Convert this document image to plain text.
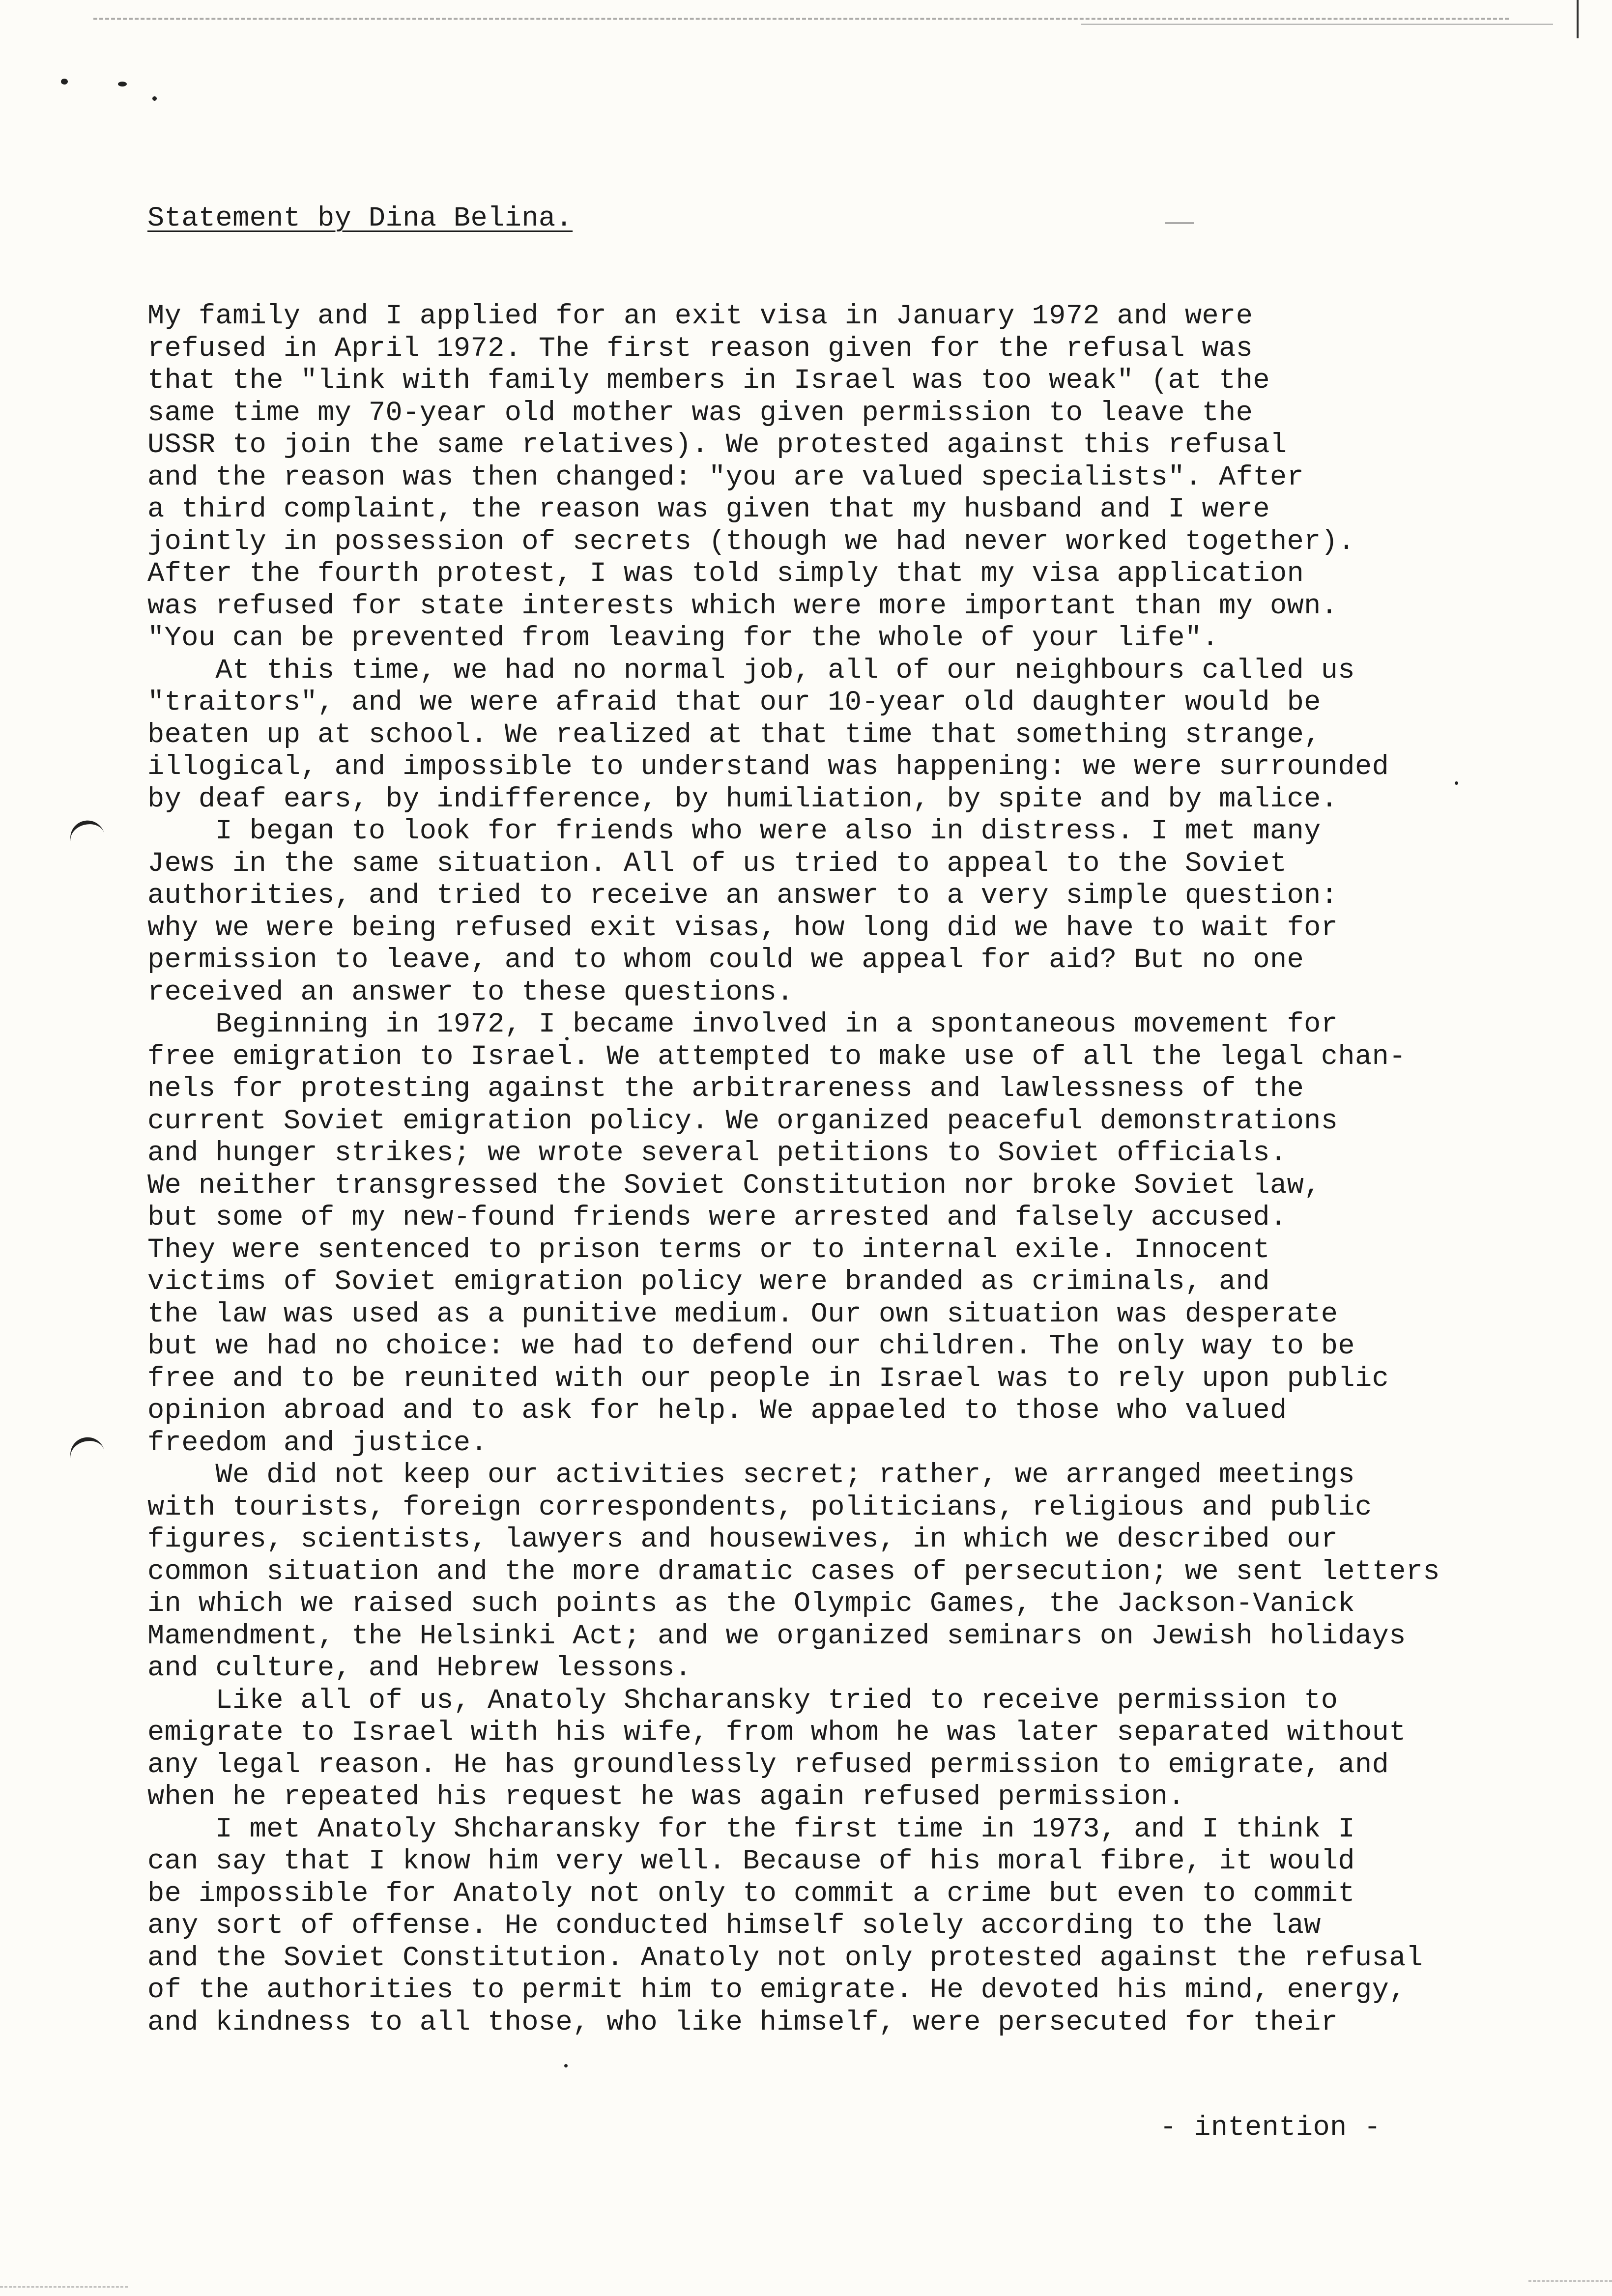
Statement by Dina Belina.
My family and I applied for an exit visa in January 1972 and were
refused in April 1972. The first reason given for the refusal was
that the "link with family members in Israel was too weak" (at the
same time my 70-year old mother was given permission to leave the
USSR to join the same relatives). We protested against this refusal
and the reason was then changed: "you are valued specialists". After
a third complaint, the reason was given that my husband and I were
jointly in possession of secrets (though we had never worked together).
After the fourth protest, I was told simply that my visa application
was refused for state interests which were more important than my own.
"You can be prevented from leaving for the whole of your life".
At this time, we had no normal job, all of our neighbours called us
"traitors", and we were afraid that our 10-year old daughter would be
beaten up at school. We realized at that time that something strange,
illogical, and impossible to understand was happening: we were surrounded
by deaf ears, by indifference, by humiliation, by spite and by malice.
I began to look for friends who were also in distress. I met many
Jews in the same situation. All of us tried to appeal to the Soviet
authorities, and tried to receive an answer to a very simple question:
why we were being refused exit visas, how long did we have to wait for
permission to leave, and to whom could we appeal for aid? But no one
received an answer to these questions.
Beginning in 1972, I became involved in a spontaneous movement for
free emigration to Israel. We attempted to make use of all the legal chan-
nels for protesting against the arbitrareness and lawlessness of the
current Soviet emigration policy. We organized peaceful demonstrations
and hunger strikes; we wrote several petitions to Soviet officials.
We neither transgressed the Soviet Constitution nor broke Soviet law,
but some of my new-found friends were arrested and falsely accused.
They were sentenced to prison terms or to internal exile. Innocent
victims of Soviet emigration policy were branded as criminals, and
the law was used as a punitive medium. Our own situation was desperate
but we had no choice: we had to defend our children. The only way to be
free and to be reunited with our people in Israel was to rely upon public
opinion abroad and to ask for help. We appaeled to those who valued
freedom and justice.
We did not keep our activities secret; rather, we arranged meetings
with tourists, foreign correspondents, politicians, religious and public
figures, scientists, lawyers and housewives, in which we described our
common situation and the more dramatic cases of persecution; we sent letters
in which we raised such points as the Olympic Games, the Jackson-Vanick
Mamendment, the Helsinki Act; and we organized seminars on Jewish holidays
and culture, and Hebrew lessons.
Like all of us, Anatoly Shcharansky tried to receive permission to
emigrate to Israel with his wife, from whom he was later separated without
any legal reason. He has groundlessly refused permission to emigrate, and
when he repeated his request he was again refused permission.
I met Anatoly Shcharansky for the first time in 1973, and I think I
can say that I know him very well. Because of his moral fibre, it would
be impossible for Anatoly not only to commit a crime but even to commit
any sort of offense. He conducted himself solely according to the law
and the Soviet Constitution. Anatoly not only protested against the refusal
of the authorities to permit him to emigrate. He devoted his mind, energy,
and kindness to all those, who like himself, were persecuted for their
- intention -
